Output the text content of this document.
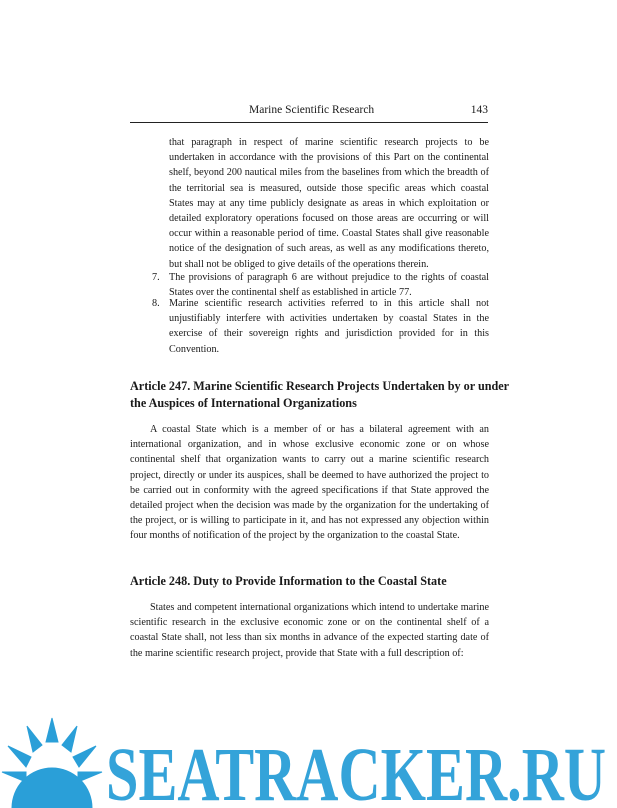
Marine Scientific Research	143
that paragraph in respect of marine scientific research projects to be undertaken in accordance with the provisions of this Part on the continental shelf, beyond 200 nautical miles from the baselines from which the breadth of the territorial sea is measured, outside those specific areas which coastal States may at any time publicly designate as areas in which exploitation or detailed exploratory operations focused on those areas are occurring or will occur within a reasonable period of time. Coastal States shall give reasonable notice of the designation of such areas, as well as any modifications thereto, but shall not be obliged to give details of the operations therein.
7. The provisions of paragraph 6 are without prejudice to the rights of coastal States over the continental shelf as established in article 77.
8. Marine scientific research activities referred to in this article shall not unjustifiably interfere with activities undertaken by coastal States in the exercise of their sovereign rights and jurisdiction provided for in this Convention.
Article 247. Marine Scientific Research Projects Undertaken by or under the Auspices of International Organizations
A coastal State which is a member of or has a bilateral agreement with an international organization, and in whose exclusive economic zone or on whose continental shelf that organization wants to carry out a marine scientific research project, directly or under its auspices, shall be deemed to have authorized the project to be carried out in conformity with the agreed specifications if that State approved the detailed project when the decision was made by the organization for the undertaking of the project, or is willing to participate in it, and has not expressed any objection within four months of notification of the project by the organization to the coastal State.
Article 248. Duty to Provide Information to the Coastal State
States and competent international organizations which intend to undertake marine scientific research in the exclusive economic zone or on the continental shelf of a coastal State shall, not less than six months in advance of the expected starting date of the marine scientific research project, provide that State with a full description of:
SEATRACKER.RU
